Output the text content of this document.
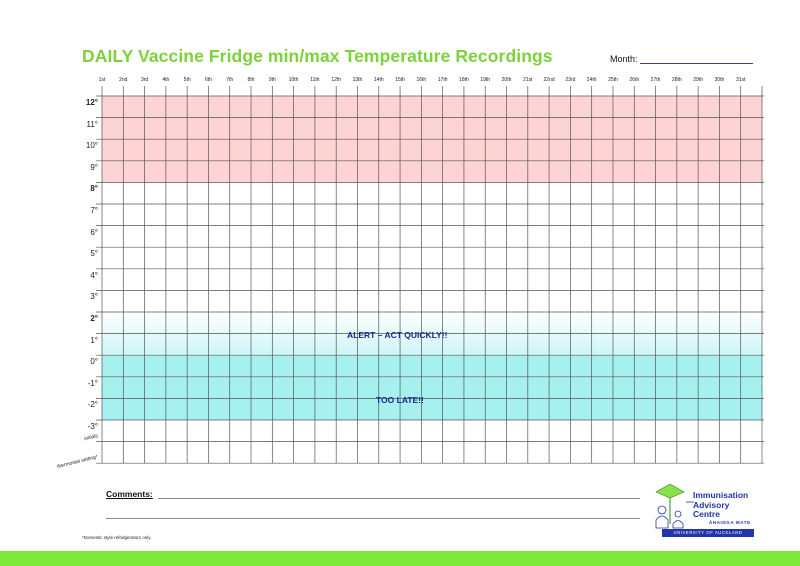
DAILY Vaccine Fridge min/max Temperature Recordings	Month:
1st	2nd	3rd	4th	5th	6th	7th	8th	9th	10th	11th	12th	13th	14th	15th	16th	17th	18th	19th	20th	21st	22nd	23rd	24th	25th	26th	27th	28th	29th	30th	31st
12°
11°
10°
9°
8°
7°
6°
5°
4°
3°
2°
1°
0°
-1°
-2°
-3°
initials
thermostat setting*
ALERT – ACT QUICKLY!!
TOO LATE!!
Comments:
*Domestic style refridgerators only.
Immunisation
Advisory
Centre
ĀHAINGA MATE
UNIVERSITY OF AUCKLAND
